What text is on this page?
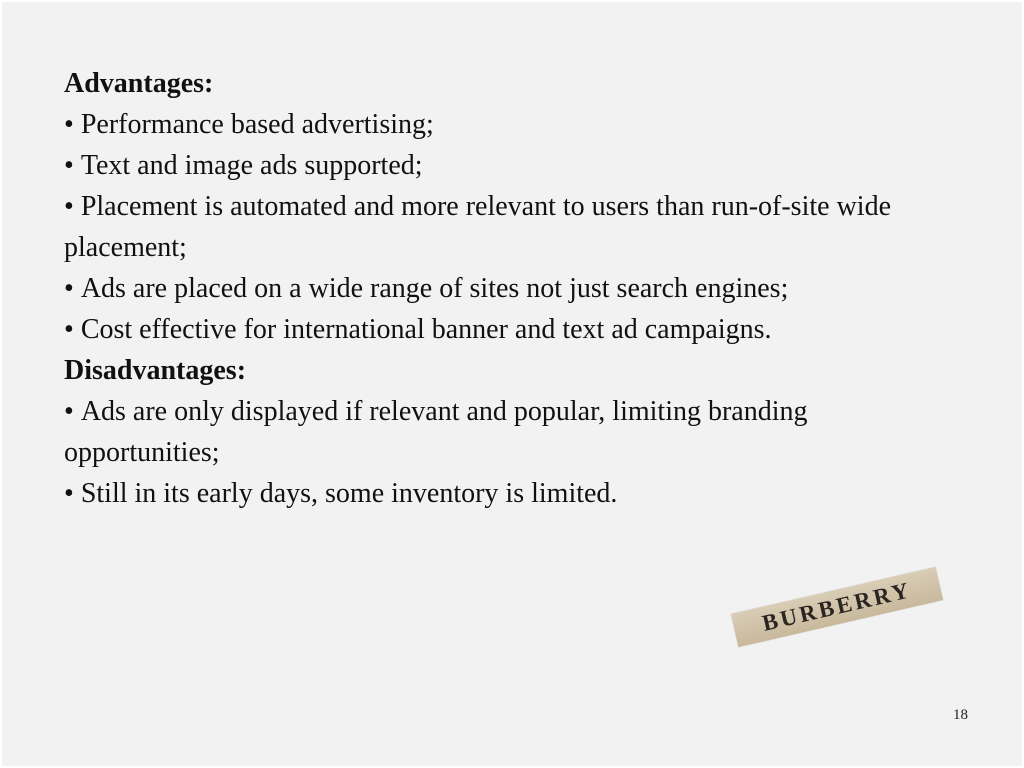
Advantages:

• Performance based advertising;
• Text and image ads supported;
• Placement is automated and more relevant to users than run-of-site wide placement;
• Ads are placed on a wide range of sites not just search engines;
• Cost effective for international banner and text ad campaigns.

Disadvantages:

• Ads are only displayed if relevant and popular, limiting branding opportunities;
• Still in its early days, some inventory is limited.
BURBERRY
18
